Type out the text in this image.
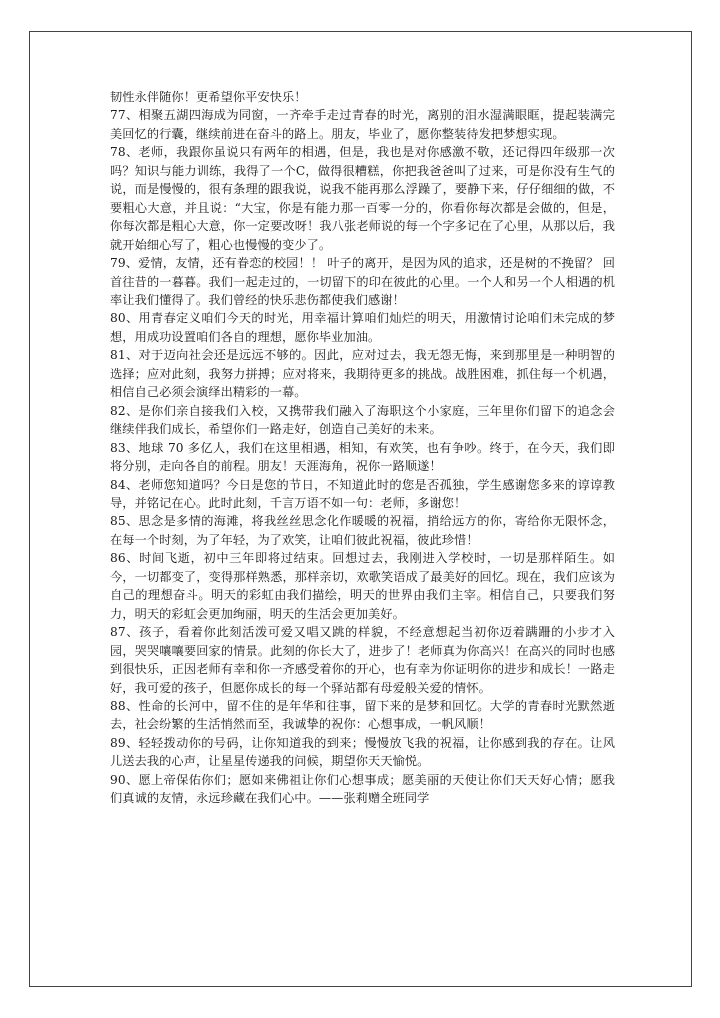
韧性永伴随你！更希望你平安快乐！

77、相聚五湖四海成为同窗，一齐牵手走过青春的时光，离别的泪水湿满眼眶，提起装满完美回忆的行囊，继续前进在奋斗的路上。朋友，毕业了，愿你整装待发把梦想实现。

78、老师，我跟你虽说只有两年的相遇，但是，我也是对你感激不敬，还记得四年级那一次吗？知识与能力训练，我得了一个C，做得很糟糕，你把我爸爸叫了过来，可是你没有生气的说，而是慢慢的，很有条理的跟我说，说我不能再那么浮躁了，要静下来，仔仔细细的做，不要粗心大意，并且说：“大宝，你是有能力那一百零一分的，你看你每次都是会做的，但是，你每次都是粗心大意，你一定要改呀！我八张老师说的每一个字多记在了心里，从那以后，我就开始细心写了，粗心也慢慢的变少了。

79、爱情，友情，还有眷恋的校园！！ 叶子的离开，是因为风的追求，还是树的不挽留？ 回首往昔的一暮暮。我们一起走过的，一切留下的印在彼此的心里。一个人和另一个人相遇的机率让我们懂得了。我们曾经的快乐悲伤都使我们感谢！

80、用青春定义咱们今天的时光，用幸福计算咱们灿烂的明天，用激情讨论咱们未完成的梦想，用成功设置咱们各自的理想，愿你毕业加油。

81、对于迈向社会还是远远不够的。因此，应对过去，我无怨无悔，来到那里是一种明智的选择；应对此刻，我努力拼搏；应对将来，我期待更多的挑战。战胜困难，抓住每一个机遇，相信自己必须会演绎出精彩的一幕。

82、是你们亲自接我们入校，又携带我们融入了海职这个小家庭，三年里你们留下的追念会继续伴我们成长，希望你们一路走好，创造自己美好的未来。

83、地球 70 多亿人，我们在这里相遇，相知，有欢笑，也有争吵。终于，在今天，我们即将分别，走向各自的前程。朋友！天涯海角，祝你一路顺遂！

84、老师您知道吗？今日是您的节日，不知道此时的您是否孤独，学生感谢您多来的谆谆教导，并铭记在心。此时此刻，千言万语不如一句：老师，多谢您！

85、思念是多情的海滩，将我丝丝思念化作暖暖的祝福，捎给远方的你，寄给你无限怀念，在每一个时刻，为了年轻，为了欢笑，让咱们彼此祝福，彼此珍惜！

86、时间飞逝，初中三年即将过结束。回想过去，我刚进入学校时，一切是那样陌生。如今，一切都变了，变得那样熟悉，那样亲切，欢歌笑语成了最美好的回忆。现在，我们应该为自己的理想奋斗。明天的彩虹由我们描绘，明天的世界由我们主宰。相信自己，只要我们努力，明天的彩虹会更加绚丽，明天的生活会更加美好。

87、孩子，看着你此刻活泼可爱又唱又跳的样貌，不经意想起当初你迈着蹒跚的小步才入园，哭哭嚷嚷要回家的情景。此刻的你长大了，进步了！老师真为你高兴！在高兴的同时也感到很快乐，正因老师有幸和你一齐感受着你的开心，也有幸为你证明你的进步和成长！一路走好，我可爱的孩子，但愿你成长的每一个驿站都有母爱般关爱的情怀。

88、性命的长河中，留不住的是年华和往事，留下来的是梦和回忆。大学的青春时光默然逝去，社会纷繁的生活悄然而至，我诚挚的祝你：心想事成，一帆风顺！

89、轻轻拨动你的号码，让你知道我的到来；慢慢放飞我的祝福，让你感到我的存在。让风儿送去我的心声，让星星传递我的问候，期望你天天愉悦。

90、愿上帝保佑你们；愿如来佛祖让你们心想事成；愿美丽的天使让你们天天好心情；愿我们真诚的友情，永远珍藏在我们心中。——张莉赠全班同学
